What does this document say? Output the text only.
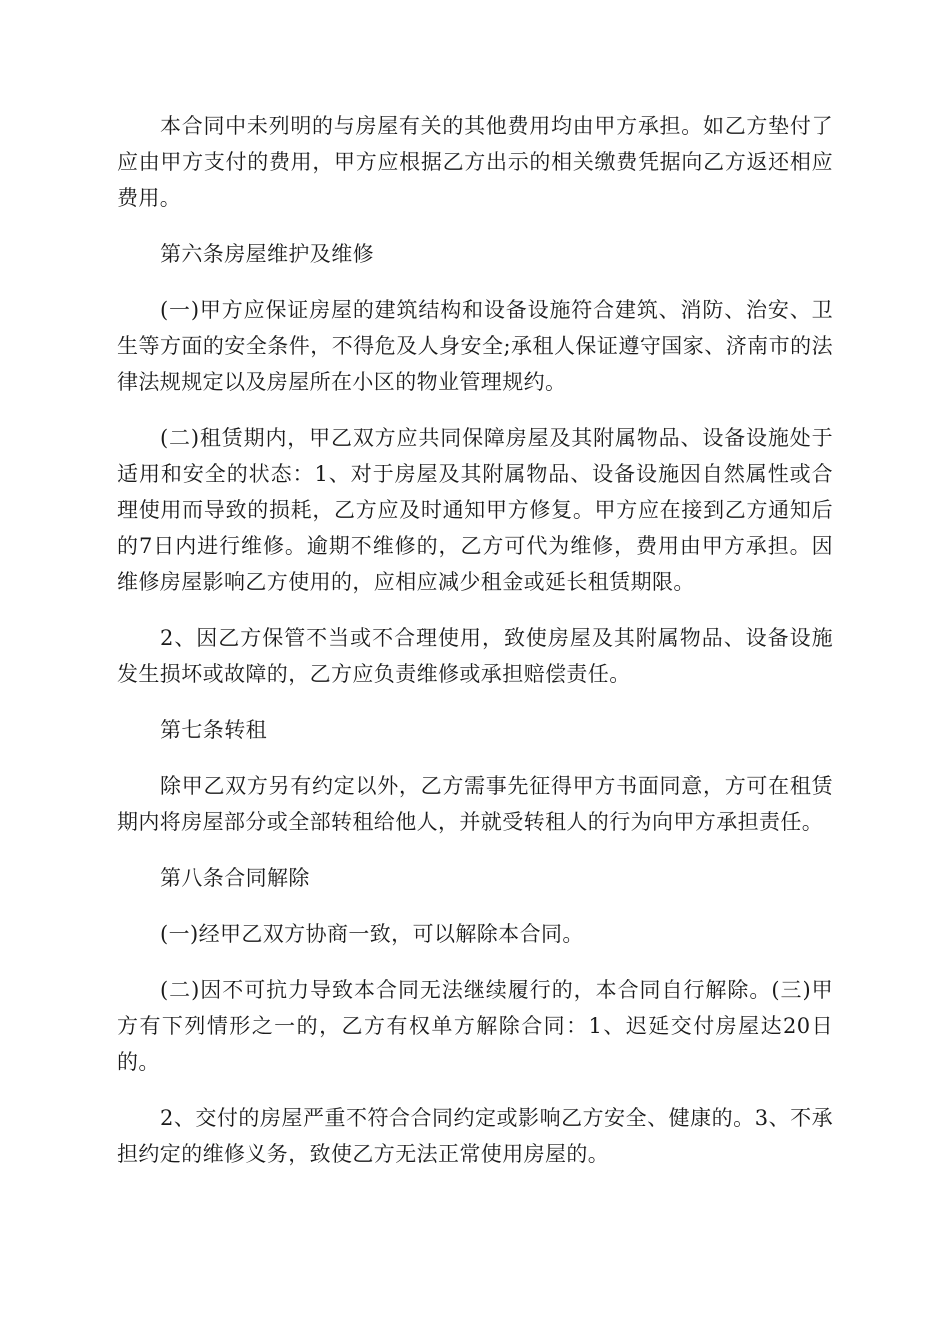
本合同中未列明的与房屋有关的其他费用均由甲方承担。如乙方垫付了应由甲方支付的费用，甲方应根据乙方出示的相关缴费凭据向乙方返还相应费用。

第六条房屋维护及维修

(一)甲方应保证房屋的建筑结构和设备设施符合建筑、消防、治安、卫生等方面的安全条件，不得危及人身安全;承租人保证遵守国家、济南市的法律法规规定以及房屋所在小区的物业管理规约。

(二)租赁期内，甲乙双方应共同保障房屋及其附属物品、设备设施处于适用和安全的状态：1、对于房屋及其附属物品、设备设施因自然属性或合理使用而导致的损耗，乙方应及时通知甲方修复。甲方应在接到乙方通知后的7日内进行维修。逾期不维修的，乙方可代为维修，费用由甲方承担。因维修房屋影响乙方使用的，应相应减少租金或延长租赁期限。

2、因乙方保管不当或不合理使用，致使房屋及其附属物品、设备设施发生损坏或故障的，乙方应负责维修或承担赔偿责任。

第七条转租

除甲乙双方另有约定以外，乙方需事先征得甲方书面同意，方可在租赁期内将房屋部分或全部转租给他人，并就受转租人的行为向甲方承担责任。

第八条合同解除

(一)经甲乙双方协商一致，可以解除本合同。

(二)因不可抗力导致本合同无法继续履行的，本合同自行解除。(三)甲方有下列情形之一的，乙方有权单方解除合同：1、迟延交付房屋达20日的。

2、交付的房屋严重不符合合同约定或影响乙方安全、健康的。3、不承担约定的维修义务，致使乙方无法正常使用房屋的。
